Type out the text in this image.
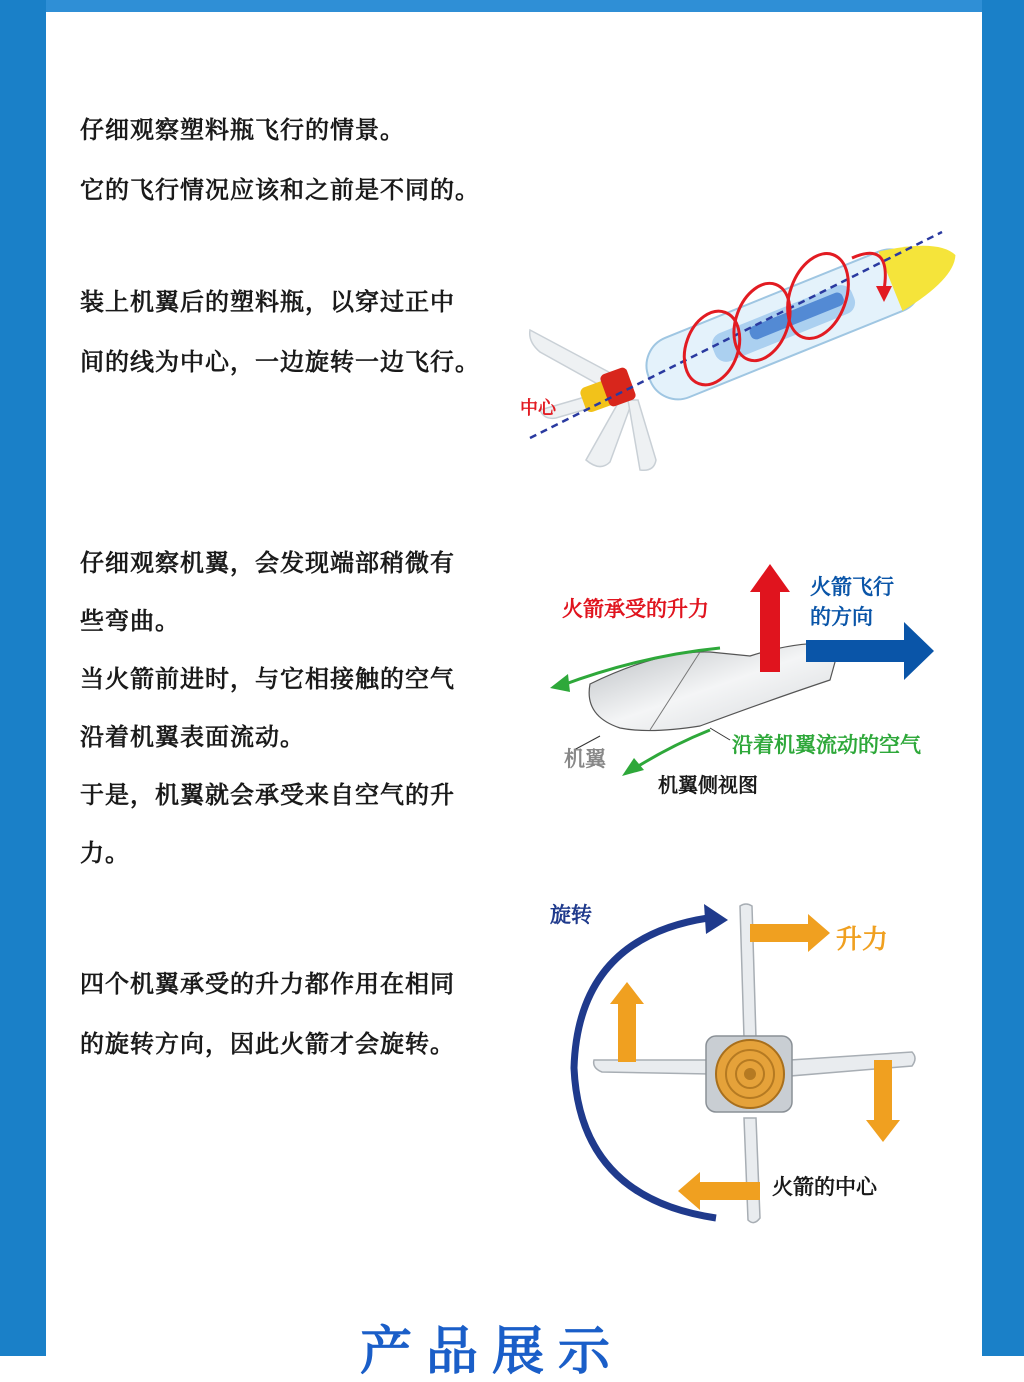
仔细观察塑料瓶飞行的情景。
它的飞行情况应该和之前是不同的。
装上机翼后的塑料瓶，以穿过正中
间的线为中心，一边旋转一边飞行。
中心
仔细观察机翼，会发现端部稍微有
些弯曲。
当火箭前进时，与它相接触的空气
沿着机翼表面流动。
于是，机翼就会承受来自空气的升
力。
火箭承受的升力
火箭飞行
的方向
机翼
沿着机翼流动的空气
机翼侧视图
四个机翼承受的升力都作用在相同
的旋转方向，因此火箭才会旋转。
旋转
升力
火箭的中心
产品展示
